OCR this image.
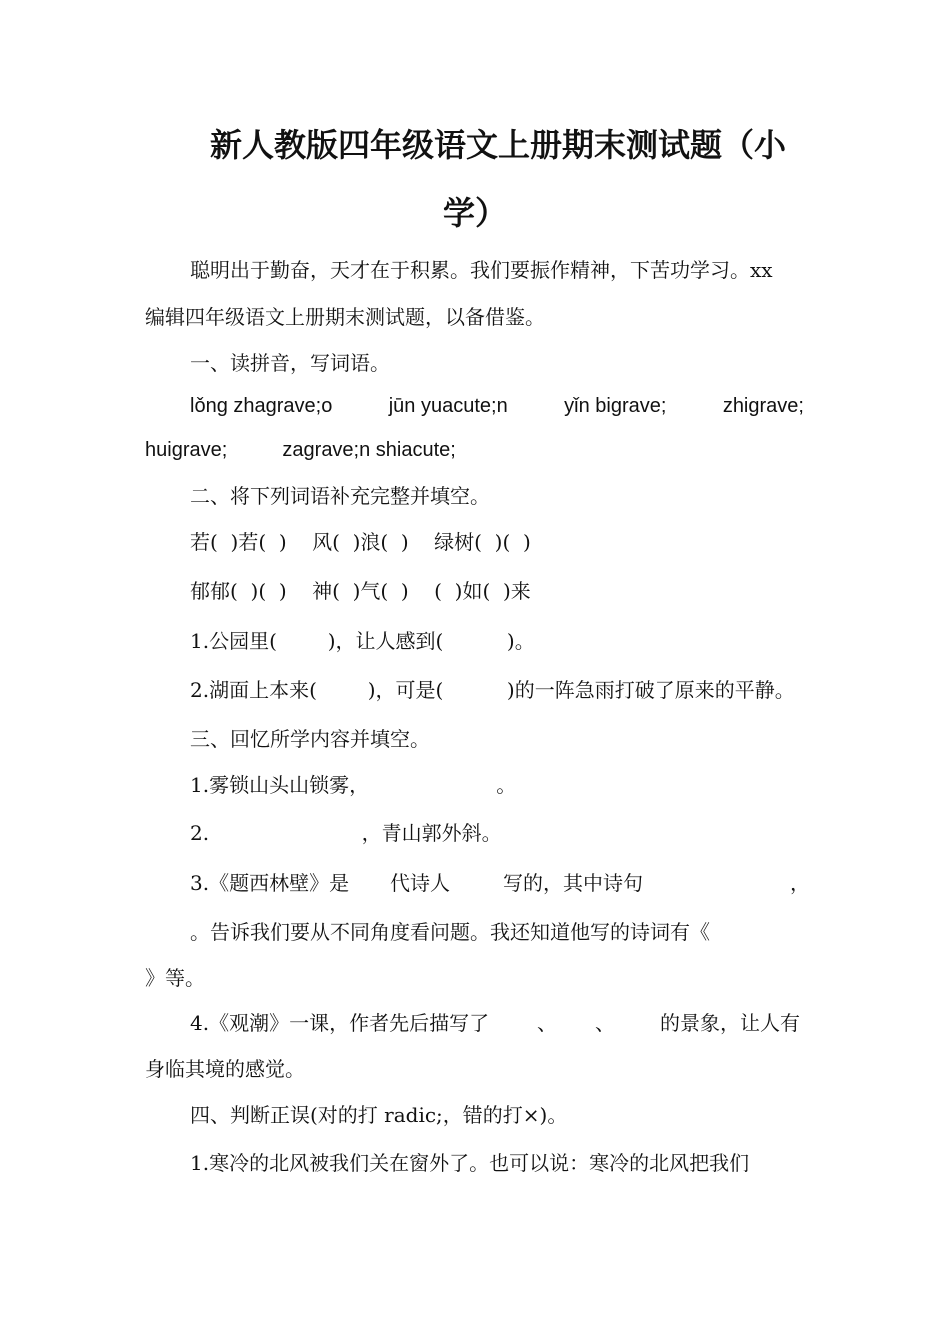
新人教版四年级语文上册期末测试题（小
学）
聪明出于勤奋，天才在于积累。我们要振作精神，下苦功学习。xx
编辑四年级语文上册期末测试题，以备借鉴。
一、读拼音，写词语。
lǒng zhagrave;o	jūn yuacute;n	yǐn bigrave;	zhigrave;
huigrave;	zagrave;n shiacute;
二、将下列词语补充完整并填空。
若(  )若(  )    风(  )浪(  )    绿树(  )(  )
郁郁(  )(  )    神(  )气(  )    (  )如(  )来
1.公园里(        )，让人感到(          )。
2.湖面上本来(        )，可是(          )的一阵急雨打破了原来的平静。
三、回忆所学内容并填空。
1.雾锁山头山锁雾，                    。
2.                        ，青山郭外斜。
3.《题西林壁》是 代诗人	写的，其中诗句	，
。告诉我们要从不同角度看问题。我还知道他写的诗词有《
》等。
4.《观潮》一课，作者先后描写了 、 、 的景象，让人有
身临其境的感觉。
四、判断正误(对的打 radic;，错的打×)。
1.寒冷的北风被我们关在窗外了。也可以说：寒冷的北风把我们
